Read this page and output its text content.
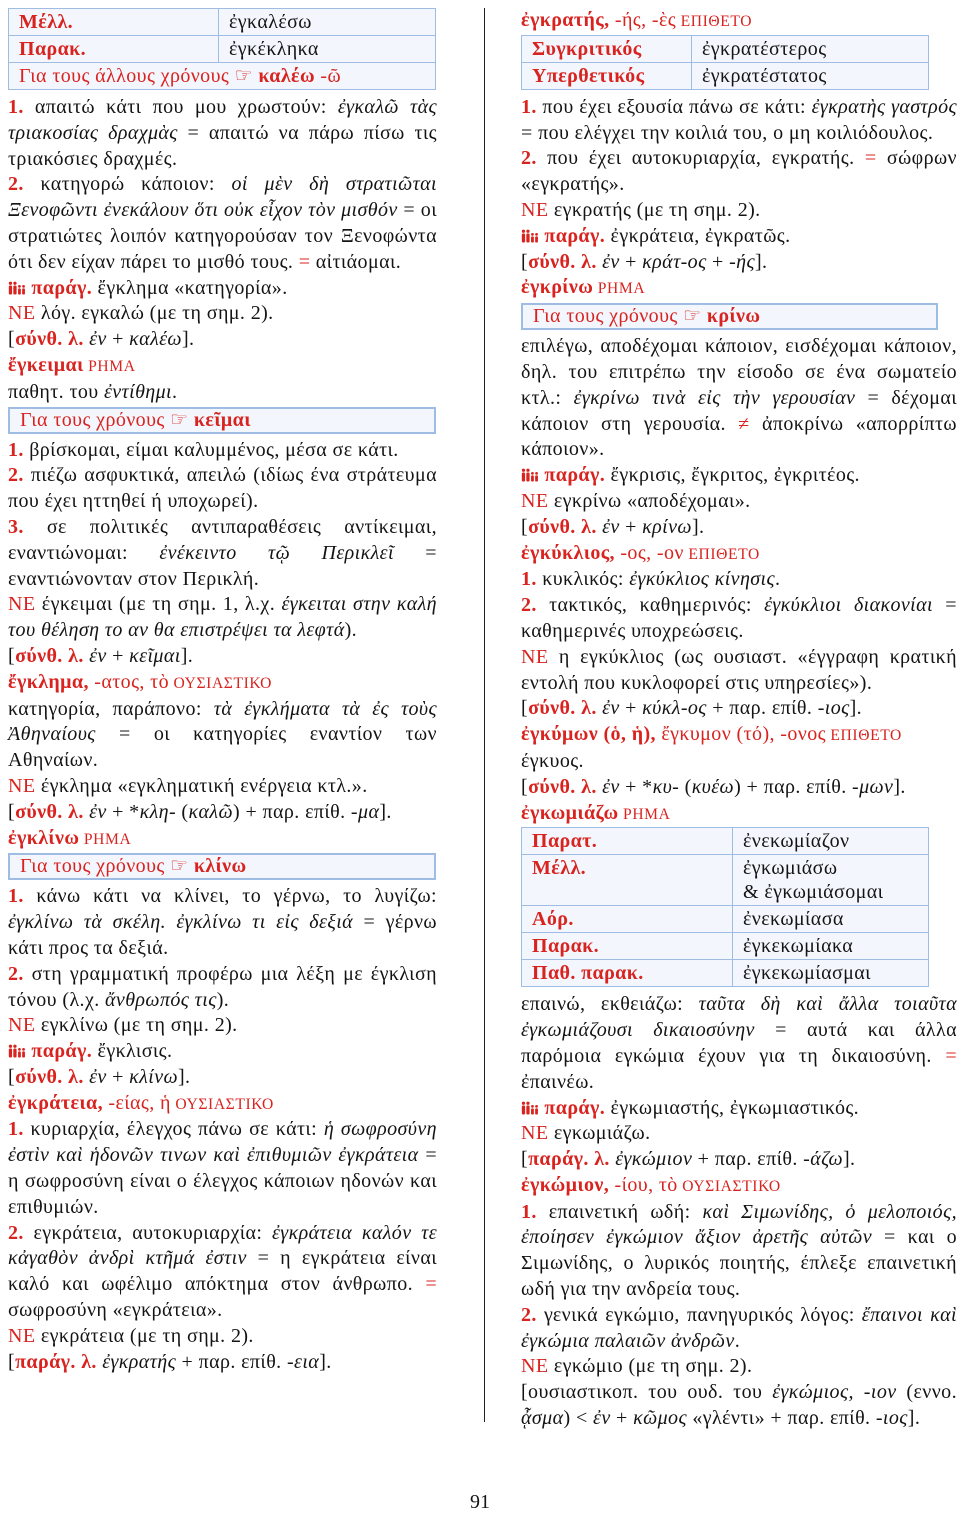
Μέλλ.	ἐγκαλέσω
Παρακ.	ἐγκέκληκα
Για τους άλλους χρόνους ☞ καλέω -ῶ	
1. απαιτώ κάτι που μου χρωστούν: ἐγκαλῶ τὰς τριακοσίας δραχμὰς = απαιτώ να πάρω πίσω τις τριακόσιες δραχμές.
2. κατηγορώ κάποιον: οἱ μὲν δὴ στρατιῶται Ξενοφῶντι ἐνεκάλουν ὅτι οὐκ εἶχον τὸν μισθόν = οι στρατιώτες λοιπόν κατηγορούσαν τον Ξενοφώντα ότι δεν είχαν πάρει το μισθό τους. = αἰτιάομαι.
παράγ. ἔγκλημα «κατηγορία».
ΝΕ λόγ. εγκαλώ (με τη σημ. 2).
[σύνθ. λ. ἐν + καλέω].
ἔγκειμαι ΡΗΜΑ
παθητ. του ἐντίθημι.
Για τους χρόνους ☞ κεῖμαι
1. βρίσκομαι, είμαι καλυμμένος, μέσα σε κάτι.
2. πιέζω ασφυκτικά, απειλώ (ιδίως ένα στράτευμα που έχει ηττηθεί ή υποχωρεί).
3. σε πολιτικές αντιπαραθέσεις αντίκειμαι, εναντιώνομαι: ἐνέκειντο τῷ Περικλεῖ = εναντιώνονταν στον Περικλή.
ΝΕ έγκειμαι (με τη σημ. 1, λ.χ. έγκειται στην καλή του θέληση το αν θα επιστρέψει τα λεφτά).
[σύνθ. λ. ἐν + κεῖμαι].
ἔγκλημα, -ατος, τὸ ΟΥΣΙΑΣΤΙΚΟ
κατηγορία, παράπονο: τὰ ἐγκλήματα τὰ ἐς τοὺς Ἀθηναίους = οι κατηγορίες εναντίον των Αθηναίων.
ΝΕ έγκλημα «εγκληματική ενέργεια κτλ.».
[σύνθ. λ. ἐν + *κλη- (καλῶ) + παρ. επίθ. -μα].
ἐγκλίνω ΡΗΜΑ
Για τους χρόνους ☞ κλίνω
1. κάνω κάτι να κλίνει, το γέρνω, το λυγίζω: ἐγκλίνω τὰ σκέλη. ἐγκλίνω τι εἰς δεξιά = γέρνω κάτι προς τα δεξιά.
2. στη γραμματική προφέρω μια λέξη με έγκλιση τόνου (λ.χ. ἄνθρωπός τις).
ΝΕ εγκλίνω (με τη σημ. 2).
παράγ. ἔγκλισις.
[σύνθ. λ. ἐν + κλίνω].
ἐγκράτεια, -είας, ἡ ΟΥΣΙΑΣΤΙΚΟ
1. κυριαρχία, έλεγχος πάνω σε κάτι: ἡ σωφροσύνη ἐστὶν καὶ ἡδονῶν τινων καὶ ἐπιθυμιῶν ἐγκράτεια = η σωφροσύνη είναι ο έλεγχος κάποιων ηδονών και επιθυμιών.
2. εγκράτεια, αυτοκυριαρχία: ἐγκράτεια καλόν τε κἀγαθὸν ἀνδρὶ κτῆμά ἐστιν = η εγκράτεια είναι καλό και ωφέλιμο απόκτημα στον άνθρωπο. = σωφροσύνη «εγκράτεια».
ΝΕ εγκράτεια (με τη σημ. 2).
[παράγ. λ. ἐγκρατής + παρ. επίθ. -εια].
ἐγκρατής, -ής, -ὲς ΕΠΙΘΕΤΟ
Συγκριτικός	ἐγκρατέστερος
Υπερθετικός	ἐγκρατέστατος
1. που έχει εξουσία πάνω σε κάτι: ἐγκρατὴς γαστρός = που ελέγχει την κοιλιά του, ο μη κοιλιόδουλος.
2. που έχει αυτοκυριαρχία, εγκρατής. = σώφρων «εγκρατής».
ΝΕ εγκρατής (με τη σημ. 2).
παράγ. ἐγκράτεια, ἐγκρατῶς.
[σύνθ. λ. ἐν + κράτ-ος + -ής].
ἐγκρίνω ΡΗΜΑ
Για τους χρόνους ☞ κρίνω
επιλέγω, αποδέχομαι κάποιον, εισδέχομαι κάποιον, δηλ. του επιτρέπω την είσοδο σε ένα σωματείο κτλ.: ἐγκρίνω τινὰ εἰς τὴν γερουσίαν = δέχομαι κάποιον στη γερουσία. ≠ ἀποκρίνω «απορρίπτω κάποιον».
παράγ. ἔγκρισις, ἔγκριτος, ἐγκριτέος.
ΝΕ εγκρίνω «αποδέχομαι».
[σύνθ. λ. ἐν + κρίνω].
ἐγκύκλιος, -ος, -ον ΕΠΙΘΕΤΟ
1. κυκλικός: ἐγκύκλιος κίνησις.
2. τακτικός, καθημερινός: ἐγκύκλιοι διακονίαι = καθημερινές υποχρεώσεις.
ΝΕ η εγκύκλιος (ως ουσιαστ. «έγγραφη κρατική εντολή που κυκλοφορεί στις υπηρεσίες»).
[σύνθ. λ. ἐν + κύκλ-ος + παρ. επίθ. -ιος].
ἐγκύμων (ὁ, ἡ), ἔγκυμον (τό), -ονος ΕΠΙΘΕΤΟ
έγκυος.
[σύνθ. λ. ἐν + *κυ- (κυέω) + παρ. επίθ. -μων].
ἐγκωμιάζω ΡΗΜΑ
Παρατ.	ἐνεκωμίαζον
Μέλλ.	ἐγκωμιάσω
& ἐγκωμιάσομαι

Αόρ.	ἐνεκωμίασα
Παρακ.	ἐγκεκωμίακα
Παθ. παρακ.	ἐγκεκωμίασμαι
επαινώ, εκθειάζω: ταῦτα δὴ καὶ ἄλλα τοιαῦτα ἐγκωμιάζουσι δικαιοσύνην = αυτά και άλλα παρόμοια εγκώμια έχουν για τη δικαιοσύνη. = ἐπαινέω.
παράγ. ἐγκωμιαστής, ἐγκωμιαστικός.
ΝΕ εγκωμιάζω.
[παράγ. λ. ἐγκώμιον + παρ. επίθ. -άζω].
ἐγκώμιον, -ίου, τὸ ΟΥΣΙΑΣΤΙΚΟ
1. επαινετική ωδή: καὶ Σιμωνίδης, ὁ μελοποιός, ἐποίησεν ἐγκώμιον ἄξιον ἀρετῆς αὐτῶν = και ο Σιμωνίδης, ο λυρικός ποιητής, έπλεξε επαινετική ωδή για την ανδρεία τους.
2. γενικά εγκώμιο, πανηγυρικός λόγος: ἔπαινοι καὶ ἐγκώμια παλαιῶν ἀνδρῶν.
ΝΕ εγκώμιο (με τη σημ. 2).
[ουσιαστικοπ. του ουδ. του ἐγκώμιος, -ιον (εννο. ᾆσμα) < ἐν + κῶμος «γλέντι» + παρ. επίθ. -ιος].
91
